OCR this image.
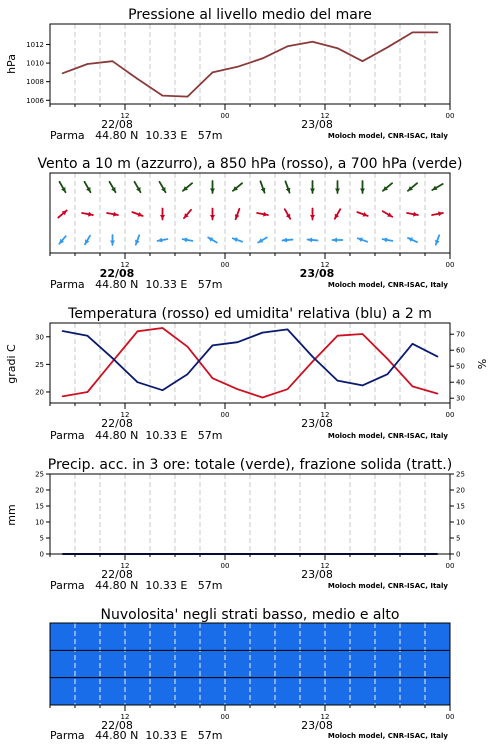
Pressione al livello medio del mare
1006
1008
1010
1012
hPa
12	00	12	00
22/08	23/08
Parma   44.80 N  10.33 E   57m	Moloch model, CNR-ISAC, Italy
Vento a 10 m (azzurro), a 850 hPa (rosso), a 700 hPa (verde)
12	00	12	00
22/08	23/08
Parma   44.80 N  10.33 E   57m	Moloch model, CNR-ISAC, Italy
Temperatura (rosso) ed umidita' relativa (blu) a 2 m
20
25
30
30
40
50
60
70
gradi C	%
12	00	12	00
22/08	23/08
Parma   44.80 N  10.33 E   57m	Moloch model, CNR-ISAC, Italy
Precip. acc. in 3 ore: totale (verde), frazione solida (tratt.)
0
5
10
15
20
25
0
5
10
15
20
25
mm
12	00	12	00
22/08	23/08
Parma   44.80 N  10.33 E   57m	Moloch model, CNR-ISAC, Italy
Nuvolosita' negli strati basso, medio e alto
12	00	12	00
22/08	23/08
Parma   44.80 N  10.33 E   57m	Moloch model, CNR-ISAC, Italy
